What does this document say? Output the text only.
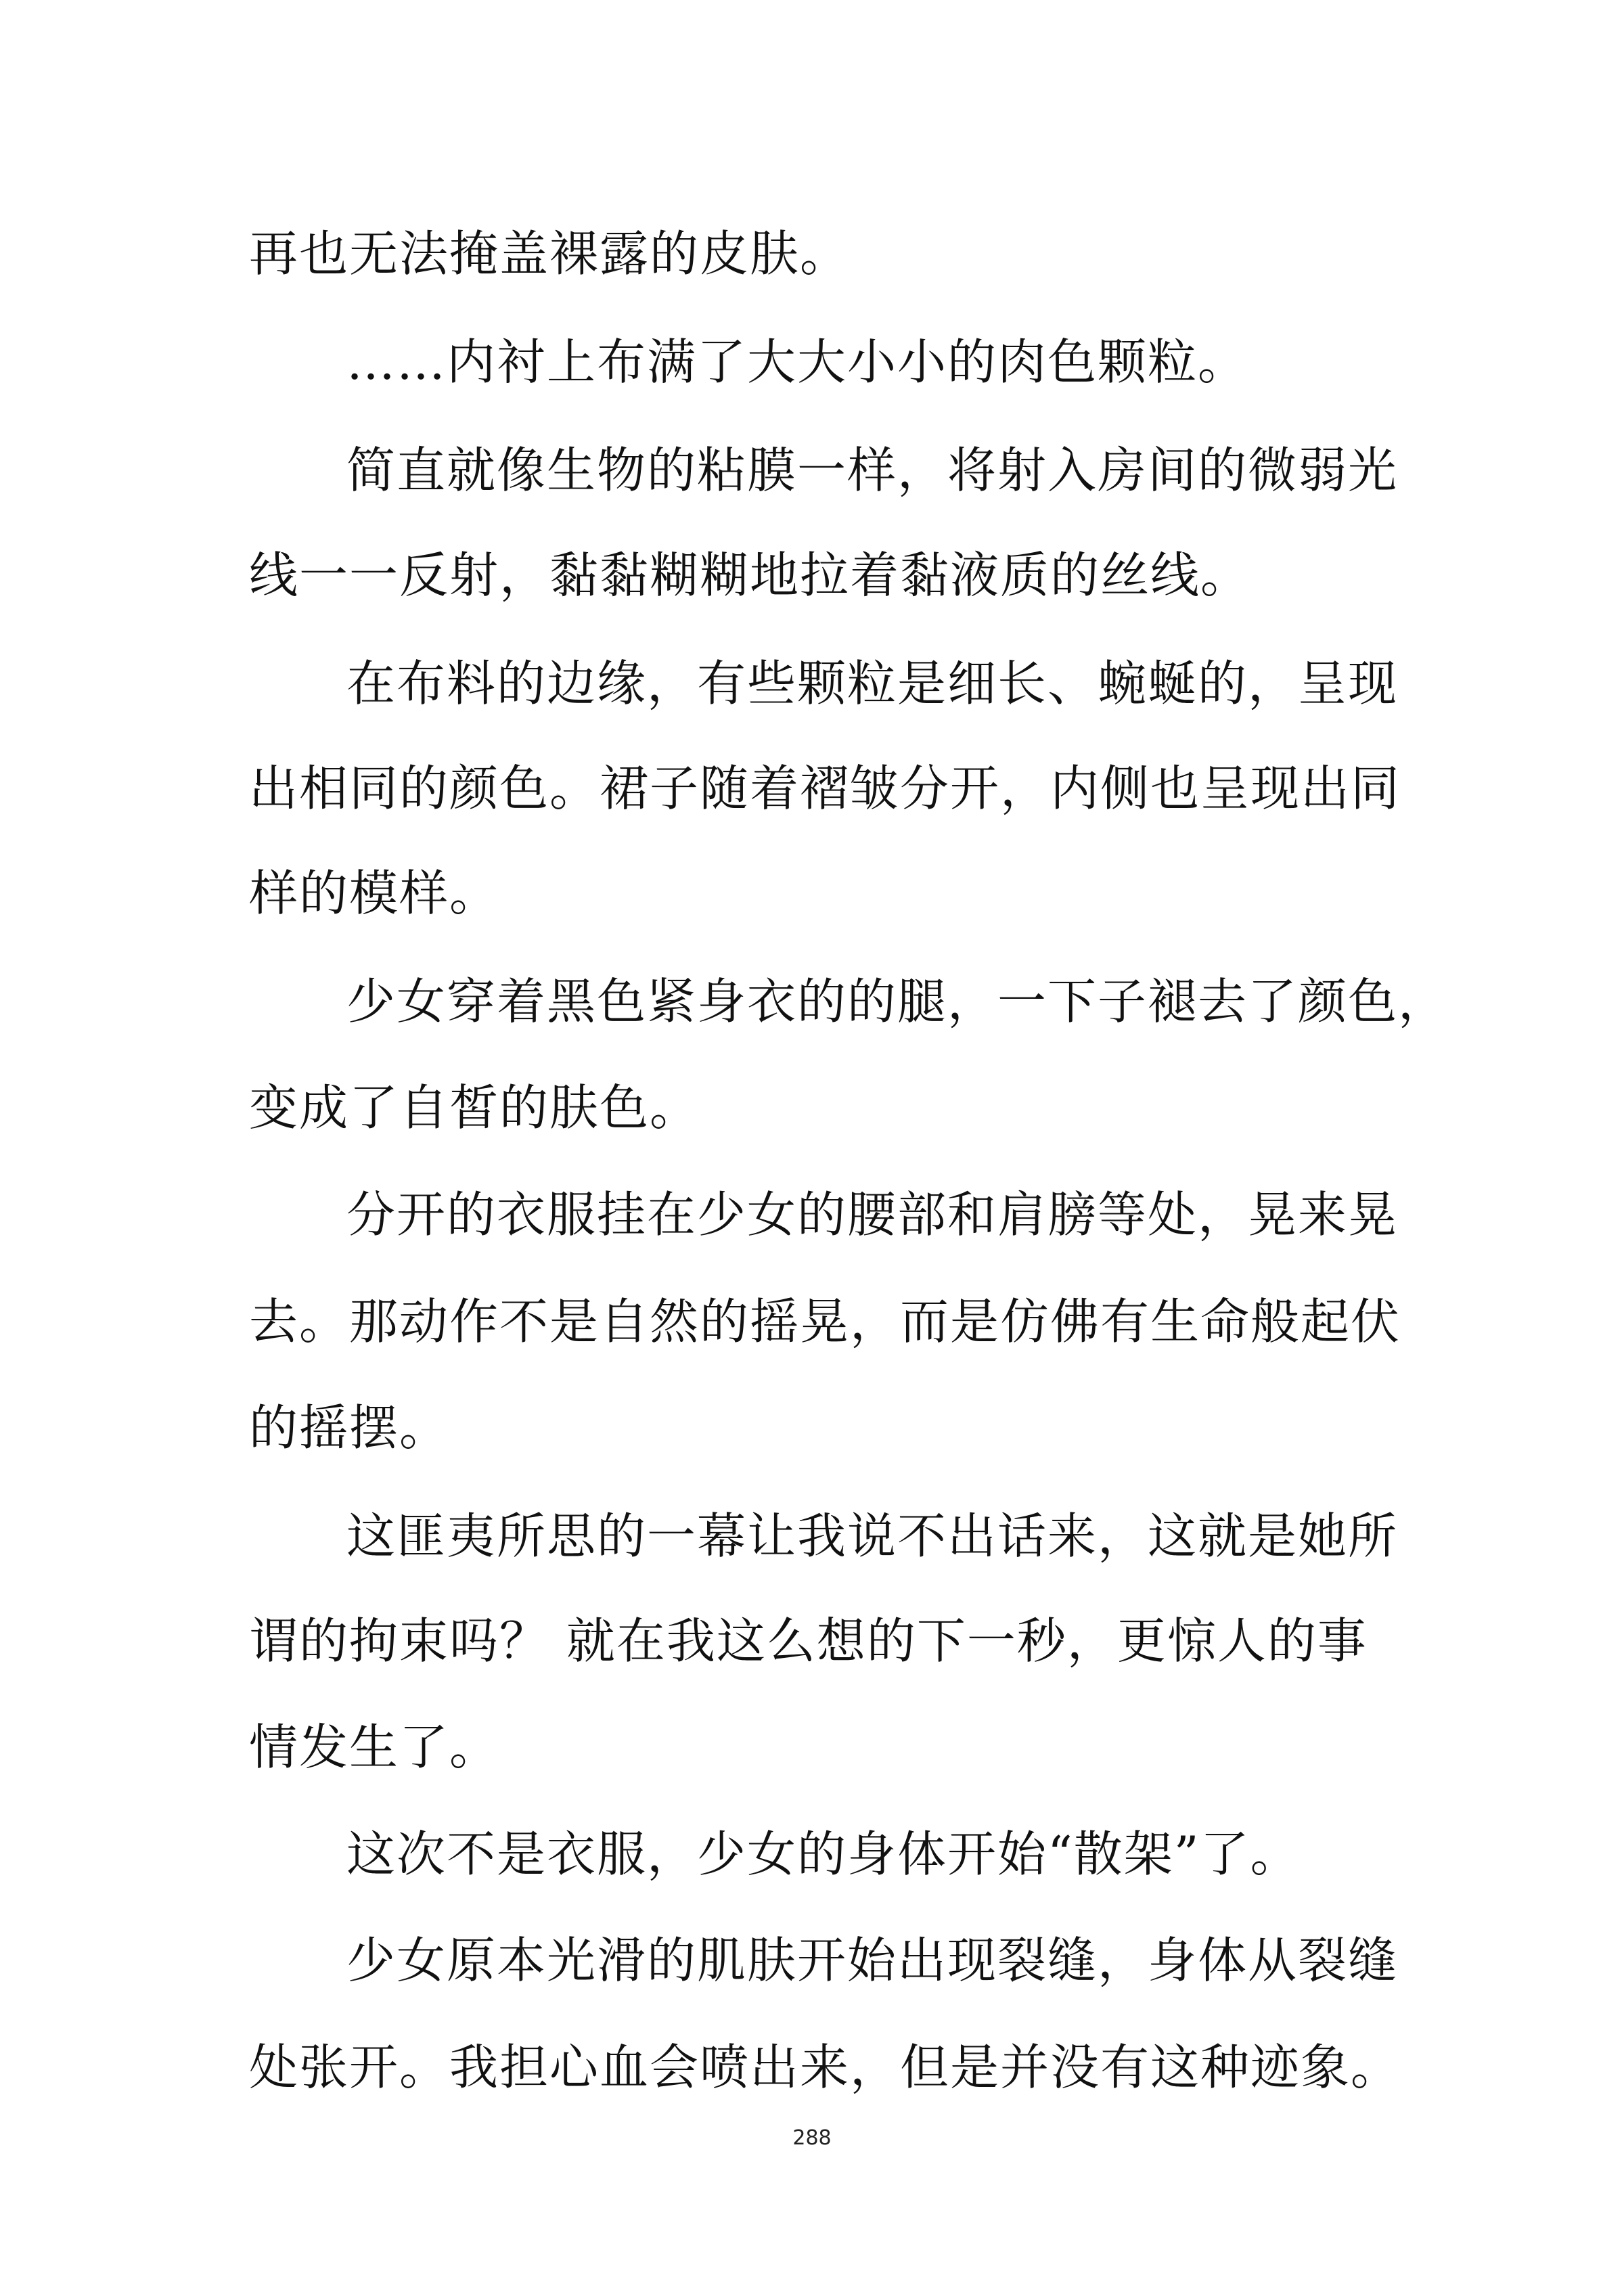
再也无法掩盖裸露的皮肤。
……内衬上布满了大大小小的肉色颗粒。
简直就像生物的粘膜一样，将射入房间的微弱光
线一一反射，黏黏糊糊地拉着黏液质的丝线。
在布料的边缘，有些颗粒是细长、蜿蜒的，呈现
出相同的颜色。裙子随着褶皱分开，内侧也呈现出同
样的模样。
少女穿着黑色紧身衣的的腿，一下子褪去了颜色，
变成了自皙的肤色。
分开的衣服挂在少女的腰部和肩膀等处，晃来晃
去。那动作不是自然的摇晃，而是仿佛有生命般起伏
的摇摆。
这匪夷所思的一幕让我说不出话来，这就是她所
谓的拘束吗？ 就在我这么想的下一秒，更惊人的事
情发生了。
这次不是衣服，少女的身体开始“散架”了。
少女原本光滑的肌肤开始出现裂缝，身体从裂缝
处张开。我担心血会喷出来，但是并没有这种迹象。
288
